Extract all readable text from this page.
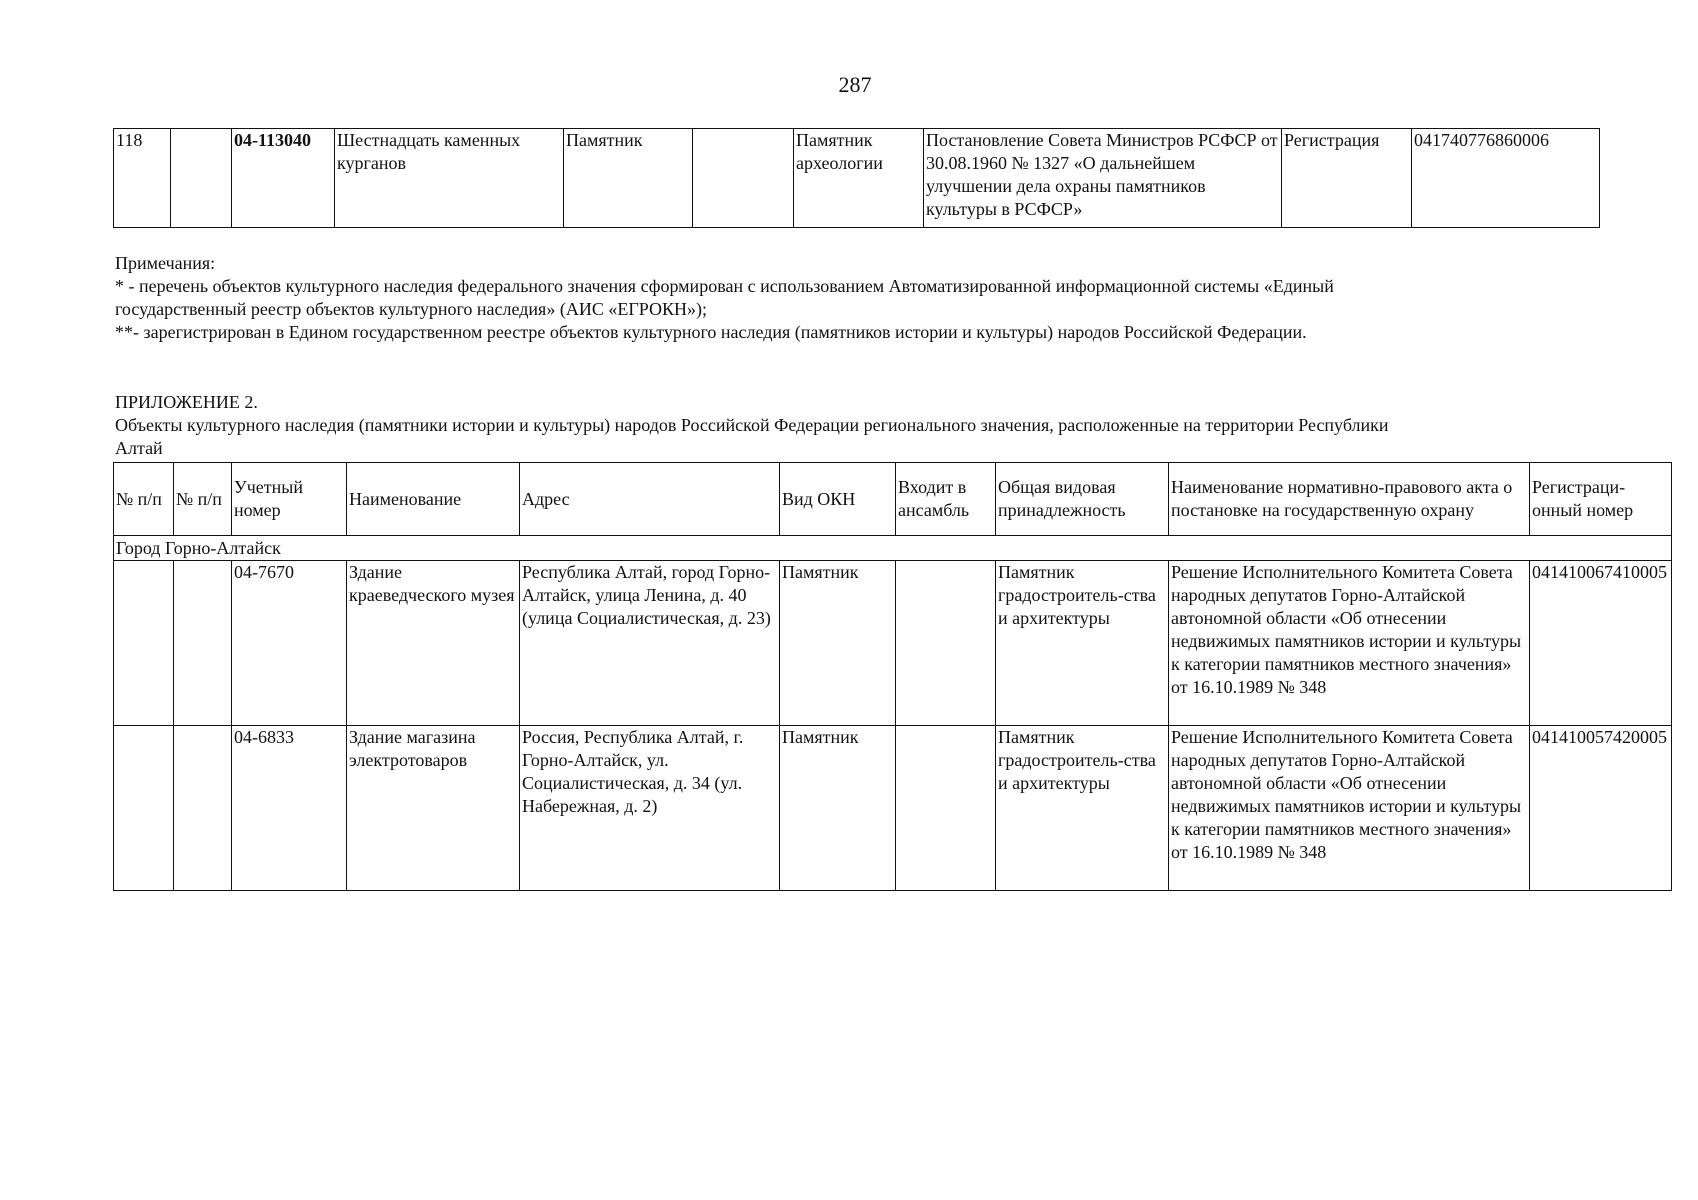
287
118		04-113040	Шестнадцать каменных курганов	Памятник		Памятник археологии	Постановление Совета Министров РСФСР от 30.08.1960 № 1327 «О дальнейшем улучшении дела охраны памятников культуры в РСФСР»	Регистрация	041740776860006
Примечания:
* - перечень объектов культурного наследия федерального значения сформирован с использованием Автоматизированной информационной системы «Единый
государственный реестр объектов культурного наследия» (АИС «ЕГРОКН»);
**- зарегистрирован в Едином государственном реестре объектов культурного наследия (памятников истории и культуры) народов Российской Федерации.
ПРИЛОЖЕНИЕ 2.
Объекты культурного наследия (памятники истории и культуры) народов Российской Федерации регионального значения, расположенные на территории Республики
Алтай
№ п/п	№ п/п	Учетный номер	Наименование	Адрес	Вид ОКН	Входит в ансамбль	Общая видовая принадлежность	Наименование нормативно-правового акта о постановке на государственную охрану	Регистраци-онный номер
Город Горно-Алтайск									
		04-7670	Здание краеведческого музея	Республика Алтай, город Горно-Алтайск, улица Ленина, д. 40 (улица Социалистическая, д. 23)	Памятник		Памятник градостроитель-ства и архитектуры	Решение Исполнительного Комитета Совета народных депутатов Горно-Алтайской автономной области «Об отнесении недвижимых памятников истории и культуры к категории памятников местного значения» от 16.10.1989 № 348	041410067410005
		04-6833	Здание магазина электротоваров	Россия, Республика Алтай, г. Горно-Алтайск, ул. Социалистическая, д. 34 (ул. Набережная, д. 2)	Памятник		Памятник градостроитель-ства и архитектуры	Решение Исполнительного Комитета Совета народных депутатов Горно-Алтайской автономной области «Об отнесении недвижимых памятников истории и культуры к категории памятников местного значения» от 16.10.1989 № 348	041410057420005
